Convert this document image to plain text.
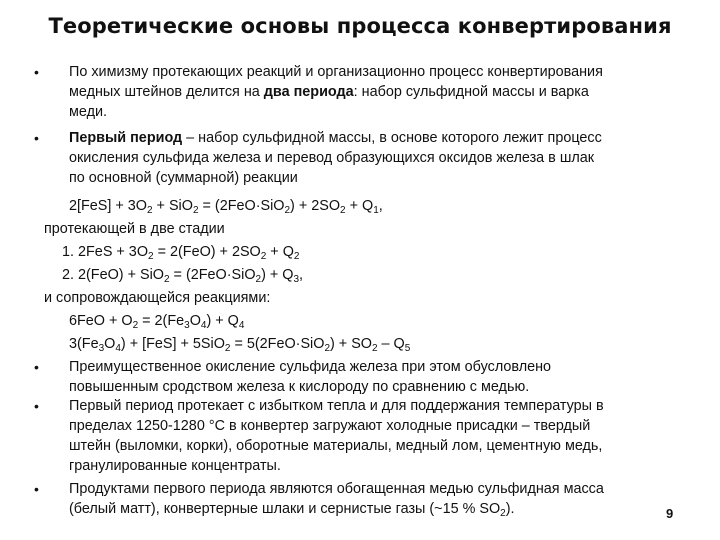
Теоретические основы процесса конвертирования
• По химизму протекающих реакций и организационно процесс конвертирования
медных штейнов делится на два периода: набор сульфидной массы и варка
меди.
• Первый период – набор сульфидной массы, в основе которого лежит процесс
окисления сульфида железа и перевод образующихся оксидов железа в шлак
по основной (суммарной) реакции
$2[FeS] + 3O_2 + SiO_2 = (2FeO\cdot SiO_2) + 2SO_2 + Q_1$,
протекающей в две стадии
1. $2FeS + 3O_2 = 2(FeO) + 2SO_2 + Q_2$
2. $2(FeO) + SiO_2 = (2FeO\cdot SiO_2) + Q_3$,
и сопровождающейся реакциями:
$6FeO + O_2 = 2(Fe_3O_4) + Q_4$
$3(Fe_3O_4) + [FeS] + 5SiO_2 = 5(2FeO\cdot SiO_2) + SO_2 - Q_5$
• Преимущественное окисление сульфида железа при этом обусловлено
повышенным сродством железа к кислороду по сравнению с медью.
• Первый период протекает с избытком тепла и для поддержания температуры в
пределах 1250-1280 °С в конвертер загружают холодные присадки – твердый
штейн (выломки, корки), оборотные материалы, медный лом, цементную медь,
гранулированные концентраты.
• Продуктами первого периода являются обогащенная медью сульфидная масса
(белый матт), конвертерные шлаки и сернистые газы (~15 % $SO_2$).	9
